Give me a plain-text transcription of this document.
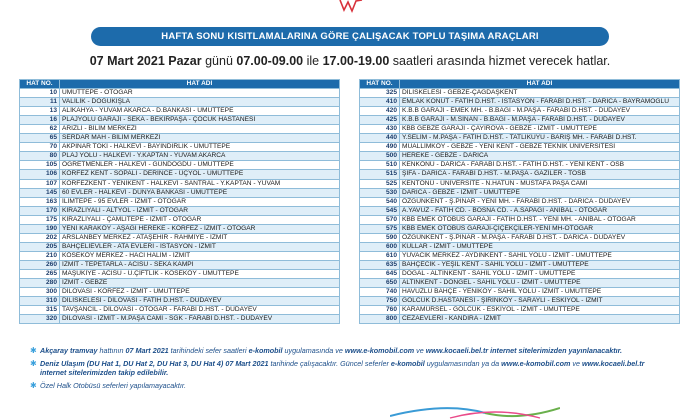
HAFTA SONU KISITLAMALARINA GÖRE ÇALIŞACAK TOPLU TAŞIMA ARAÇLARI
07 Mart 2021 Pazar günü 07.00-09.00 ile 17.00-19.00 saatleri arasında hizmet verecek hatlar.
HAT NO.	HAT ADI
10	UMUTTEPE - OTOGAR
11	VALİLİK - DOĞUKIŞLA
13	ALİKAHYA - YUVAM AKARCA - D.BANKASI - UMUTTEPE
16	PLAJYOLU GARAJI - SEKA - BEKİRPAŞA - ÇOCUK HASTANESİ
62	ARIZLI - BİLİM MERKEZİ
65	SERDAR MAH - BİLİM MERKEZİ
70	AKPINAR TOKİ - HALKEVİ - BAYINDIRLIK - UMUTTEPE
80	PLAJ YOLU - HALKEVİ - Y.KAPTAN - YUVAM AKARCA
105	ÖĞRETMENLER - HALKEVİ - GÜNDOĞDU - UMUTTEPE
106	KÖRFEZ KENT - SOPALI - DERİNCE - ÜÇYOL - UMUTTEPE
107	KÖRFEZKENT - YENİKENT - HALKEVİ - SANTRAL - Y.KAPTAN - YUVAM
145	60 EVLER - HALKEVİ - DÜNYA BANKASI - UMUTTEPE
163	İLİMTEPE - 95 EVLER - İZMİT - OTOGAR
170	KİRAZLIYALI - ALTYOL - İZMİT - OTOGAR
175	KİRAZLIYALI - ÇAMLITEPE - İZMİT - OTOGAR
190	YENİ KARAKÖY - AŞAĞI HEREKE - KÖRFEZ - İZMİT - OTOGAR
202	ARSLANBEY MERKEZ - ATAŞEHİR - RAHMİYE - İZMİT
205	BAHÇELİEVLER - ATA EVLERİ - İSTASYON - İZMİT
210	KÖSEKÖY MERKEZ - HACI HALİM - İZMİT
260	İZMİT - TEPETARLA - ACISU - SEKA KAMPI
265	MAŞUKİYE - ACISU - U.ÇİFTLİK - KÖSEKÖY - UMUTTEPE
280	İZMİT - GEBZE
300	DİLOVASI - KÖRFEZ - İZMİT - UMUTTEPE
310	DİLİSKELESİ - DİLOVASI - FATİH D.HST. - DUDAYEV
315	TAVŞANCIL - DİLOVASI - OTOGAR - FARABİ D.HST. - DUDAYEV
320	DİLOVASI - İZMİT - M.PAŞA CAMİ - SGK - FARABİ D.HST. - DUDAYEV
HAT NO.	HAT ADI
325	DİLİSKELESİ - GEBZE-ÇAĞDAŞKENT
410	EMLAK KONUT - FATİH D.HST. - İSTASYON - FARABİ D.HST. - DARICA - BAYRAMOĞLU
420	K.B.B GARAJI - EMEK MH. - B.BAĞI - M.PAŞA - FARABİ D.HST. - DUDAYEV
425	K.B.B GARAJI - M.SİNAN - B.BAĞI - M.PAŞA - FARABİ D.HST. - DUDAYEV
430	KBB GEBZE GARAJI - ÇAYIROVA - GEBZE - İZMİT - UMUTTEPE
440	Y.SELİM - M.PAŞA - FATİH D.HST. - TATLIKUYU - BARIŞ MH. - FARABİ D.HST.
490	MUALLİMKÖY - GEBZE - YENİ KENT - GEBZE TEKNİK ÜNİVERSİTESİ
500	HEREKE - GEBZE - DARICA
510	KENKÖNÜ - DARICA - FARABİ D.HST. - FATİH D.HST. - YENİ KENT - OSB
515	ŞİFA - DARICA - FARABİ D.HST. - M.PAŞA - GAZİLER - TOSB
525	KENTÖNÜ - ÜNİVERSİTE - N.HATUN - MUSTAFA PAŞA CAMİ
530	DARICA - GEBZE - İZMİT - UMUTTEPE
540	ÖZGÜNKENT - Ş.PINAR - YENİ MH. - FARABİ D.HST. - DARICA - DUDAYEV
545	A.YAVUZ - FATİH CD. - BOSNA CD. - A.SAPAĞI - ANİBAL - OTOGAR
570	KBB EMEK OTOBÜS GARAJI - FATİH D.HST. - YENİ MH. - ANİBAL - OTOGAR
575	KBB EMEK OTOBÜS GARAJI-ÇİÇEKÇİLER-YENİ MH-OTOGAR
590	ÖZGÜNKENT - Ş.PINAR - M.PAŞA - FARABİ D.HST. - DARICA - DUDAYEV
600	KULLAR - İZMİT - UMUTTEPE
610	YUVACIK MERKEZ - AYDINKENT - SAHİL YOLU - İZMİT - UMUTTEPE
635	BAHÇECİK - YEŞİL KENT - SAHİL YOLU - İZMİT - UMUTTEPE
645	DOĞAL - ALTINKENT - SAHİL YOLU - İZMİT - UMUTTEPE
650	ALTINKENT - DÖNGEL - SAHİL YOLU - İZMİT - UMUTTEPE
740	HAVUZLU BAHÇE - YENİKÖY - SAHİL YOLU - İZMİT - UMUTTEPE
750	GÖLCÜK D.HASTANESİ - ŞİRİNKÖY - SARAYLI - ESKİYOL - İZMİT
760	KARAMÜRSEL - GÖLCÜK - ESKİYOL - İZMİT - UMUTTEPE
800	CEZAEVLERİ - KANDIRA - İZMİT
✱ Akçaray tramvay hattının 07 Mart 2021 tarihindeki sefer saatleri e-komobil uygulamasında ve www.e-komobil.com ve www.kocaeli.bel.tr internet sitelerimizden yayınlanacaktır.
✱ Deniz Ulaşım (DU Hat 1, DU Hat 2, DU Hat 3, DU Hat 4) 07 Mart 2021 tarihinde çalışacaktır. Güncel seferler e-komobil uygulamasından ya da www.e-komobil.com ve www.kocaeli.bel.tr internet sitelerimizden takip edilebilir.
✱ Özel Halk Otobüsü seferleri yapılamayacaktır.
